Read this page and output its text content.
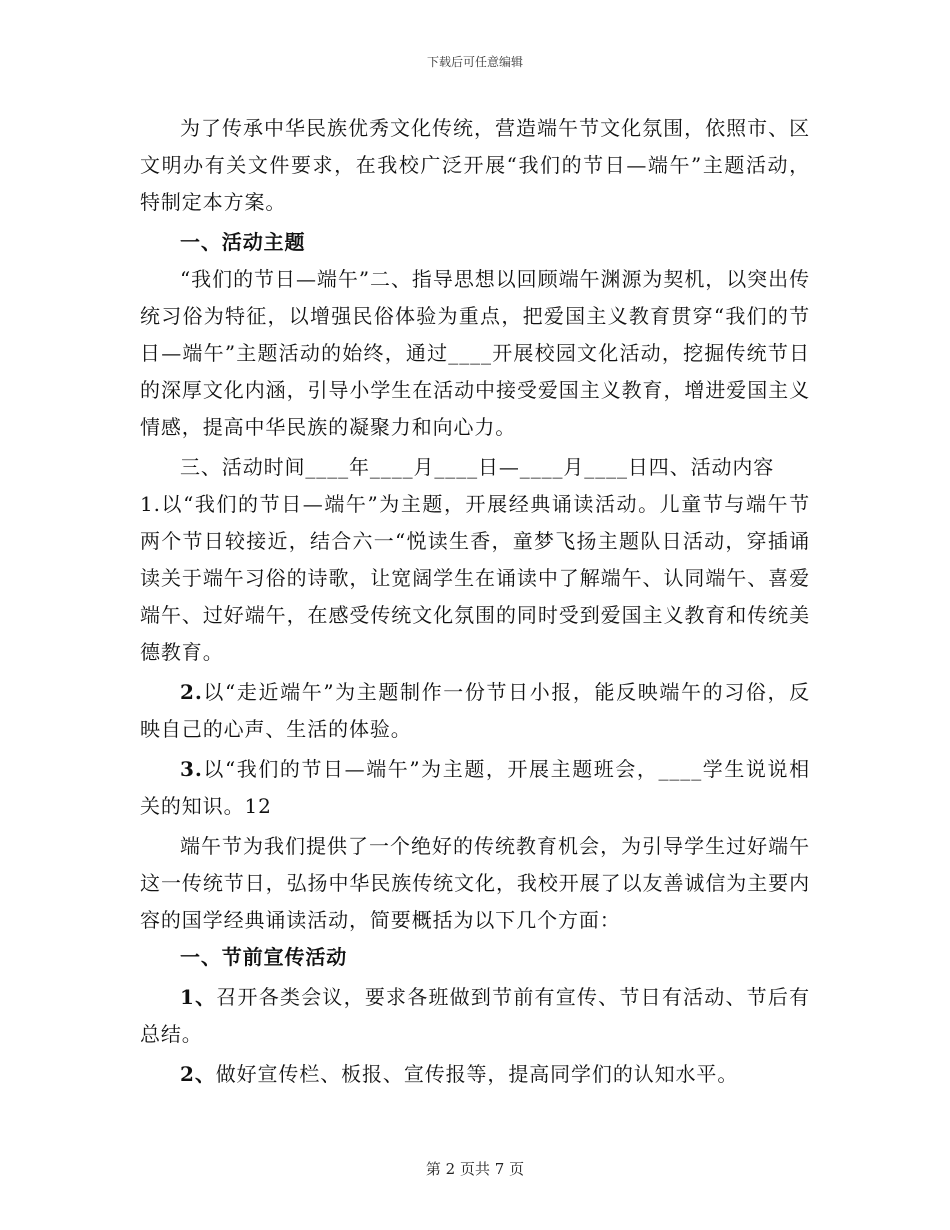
下载后可任意编辑

为了传承中华民族优秀文化传统，营造端午节文化氛围，依照市、区文明办有关文件要求，在我校广泛开展“我们的节日—端午”主题活动，特制定本方案。

一、活动主题

“我们的节日—端午”二、指导思想以回顾端午渊源为契机，以突出传统习俗为特征，以增强民俗体验为重点，把爱国主义教育贯穿“我们的节日—端午”主题活动的始终，通过____开展校园文化活动，挖掘传统节日的深厚文化内涵，引导小学生在活动中接受爱国主义教育，增进爱国主义情感，提高中华民族的凝聚力和向心力。

三、活动时间____年____月____日—____月____日四、活动内容

1.以“我们的节日—端午”为主题，开展经典诵读活动。儿童节与端午节两个节日较接近，结合六一“悦读生香，童梦飞扬主题队日活动，穿插诵读关于端午习俗的诗歌，让宽阔学生在诵读中了解端午、认同端午、喜爱端午、过好端午，在感受传统文化氛围的同时受到爱国主义教育和传统美德教育。

2.以“走近端午”为主题制作一份节日小报，能反映端午的习俗，反映自己的心声、生活的体验。

3.以“我们的节日—端午”为主题，开展主题班会，____学生说说相关的知识。12

端午节为我们提供了一个绝好的传统教育机会，为引导学生过好端午这一传统节日，弘扬中华民族传统文化，我校开展了以友善诚信为主要内容的国学经典诵读活动，简要概括为以下几个方面：

一、节前宣传活动

1、召开各类会议，要求各班做到节前有宣传、节日有活动、节后有总结。

2、做好宣传栏、板报、宣传报等，提高同学们的认知水平。

第 2 页共 7 页
